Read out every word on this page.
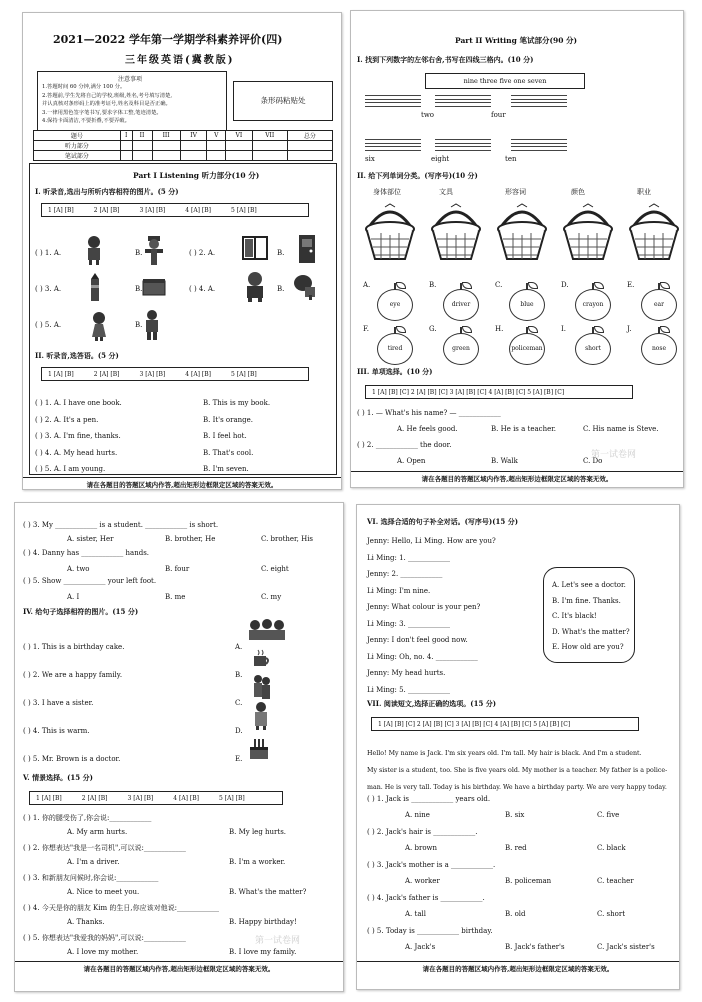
2021—2022 学年第一学期学科素养评价(四)
三年级英语(冀教版)
注意事项
1.答题时间 60 分钟,满分 100 分。
2.答题前,学生先将自己的学校,班级,姓名,考号填写清楚,
并认真核对条形码上的准考证号,姓名及科目是否正确。
3.一律用黑色签字笔书写,要求字体工整,笔迹清楚。
4.保持卡面清洁,不要折叠,不要弄破。
条形码粘贴处
题号	I	II	III	IV	V	VI	VII	总分
听力部分								
笔试部分								
Part I Listening 听力部分(10 分)
I. 听录音,选出与所听内容相符的图片。(5 分)
1 [A] [B]	2 [A] [B]	3 [A] [B]	4 [A] [B]	5 [A] [B]
( ) 1. A.	B.	( ) 2. A.	B.
( ) 3. A.	B.	( ) 4. A.	B.
( ) 5. A.	B.
II. 听录音,选答语。(5 分)
1 [A] [B]	2 [A] [B]	3 [A] [B]	4 [A] [B]	5 [A] [B]
( ) 1. A. I have one book.
( ) 2. A. It's a pen.
( ) 3. A. I'm fine, thanks.
( ) 4. A. My head hurts.
( ) 5. A. I am young.
B. This is my book.
B. It's orange.
B. I feel hot.
B. That's cool.
B. I'm seven.
请在各题目的答题区域内作答,超出矩形边框限定区域的答案无效。
Part II Writing 笔试部分(90 分)
I. 找到下列数字的左邻右舍,书写在四线三格内。(10 分)
nine three five one seven
two	four
six	eight	ten
II. 给下列单词分类。(写序号)(10 分)
身体部位	文具	形容词	颜色	职业
A.
eye
B.
driver
C.
blue
D.
crayon
E.
ear
F.
tired
G.
green
H.
policeman
I.
short
J.
nose
III. 单项选择。(10 分)
1 [A] [B] [C] 2 [A] [B] [C] 3 [A] [B] [C] 4 [A] [B] [C] 5 [A] [B] [C]
( ) 1. — What's his name? — ____________
A. He feels good.	B. He is a teacher.	C. His name is Steve.
( ) 2. ____________ the door.
A. Open	B. Walk	C. Do
第一试卷网
请在各题目的答题区域内作答,超出矩形边框限定区域的答案无效。
( ) 3. My ____________ is a student. ____________ is short.
A. sister, Her	B. brother, He	C. brother, His
( ) 4. Danny has ____________ hands.
A. two	B. four	C. eight
( ) 5. Show ____________ your left foot.
A. I	B. me	C. my
IV. 给句子选择相符的图片。(15 分)
( ) 1. This is a birthday cake.
( ) 2. We are a happy family.
( ) 3. I have a sister.
( ) 4. This is warm.
( ) 5. Mr. Brown is a doctor.
A.
B.
C.
D.
E.
V. 情景选择。(15 分)
1 [A] [B]	2 [A] [B]	3 [A] [B]	4 [A] [B]	5 [A] [B]
( ) 1. 你的腿受伤了,你会说:____________
A. My arm hurts.	B. My leg hurts.
( ) 2. 你想表达"我是一名司机",可以说:____________
A. I'm a driver.	B. I'm a worker.
( ) 3. 和新朋友问候时,你会说:____________
A. Nice to meet you.	B. What's the matter?
( ) 4. 今天是你的朋友 Kim 的生日,你应该对他说:____________
A. Thanks.	B. Happy birthday!
( ) 5. 你想表达"我爱我的妈妈",可以说:____________
A. I love my mother.	B. I love my family.
第一试卷网
请在各题目的答题区域内作答,超出矩形边框限定区域的答案无效。
VI. 选择合适的句子补全对话。(写序号)(15 分)
Jenny: Hello, Li Ming. How are you?
Li Ming: 1. ____________
Jenny: 2. ____________
Li Ming: I'm nine.
Jenny: What colour is your pen?
Li Ming: 3. ____________
Jenny: I don't feel good now.
Li Ming: Oh, no. 4. ____________
Jenny: My head hurts.
Li Ming: 5. ____________
A. Let's see a doctor.
B. I'm fine. Thanks.
C. It's black!
D. What's the matter?
E. How old are you?
VII. 阅读短文,选择正确的选项。(15 分)
1 [A] [B] [C] 2 [A] [B] [C] 3 [A] [B] [C] 4 [A] [B] [C] 5 [A] [B] [C]
Hello! My name is Jack. I'm six years old. I'm tall. My hair is black. And I'm a student.
My sister is a student, too. She is five years old. My mother is a teacher. My father is a police-
man. He is very tall. Today is his birthday. We have a birthday party. We are very happy today.
( ) 1. Jack is ____________ years old.
A. nine	B. six	C. five
( ) 2. Jack's hair is ____________.
A. brown	B. red	C. black
( ) 3. Jack's mother is a ____________.
A. worker	B. policeman	C. teacher
( ) 4. Jack's father is ____________.
A. tall	B. old	C. short
( ) 5. Today is ____________ birthday.
A. Jack's	B. Jack's father's	C. Jack's sister's
请在各题目的答题区域内作答,超出矩形边框限定区域的答案无效。
